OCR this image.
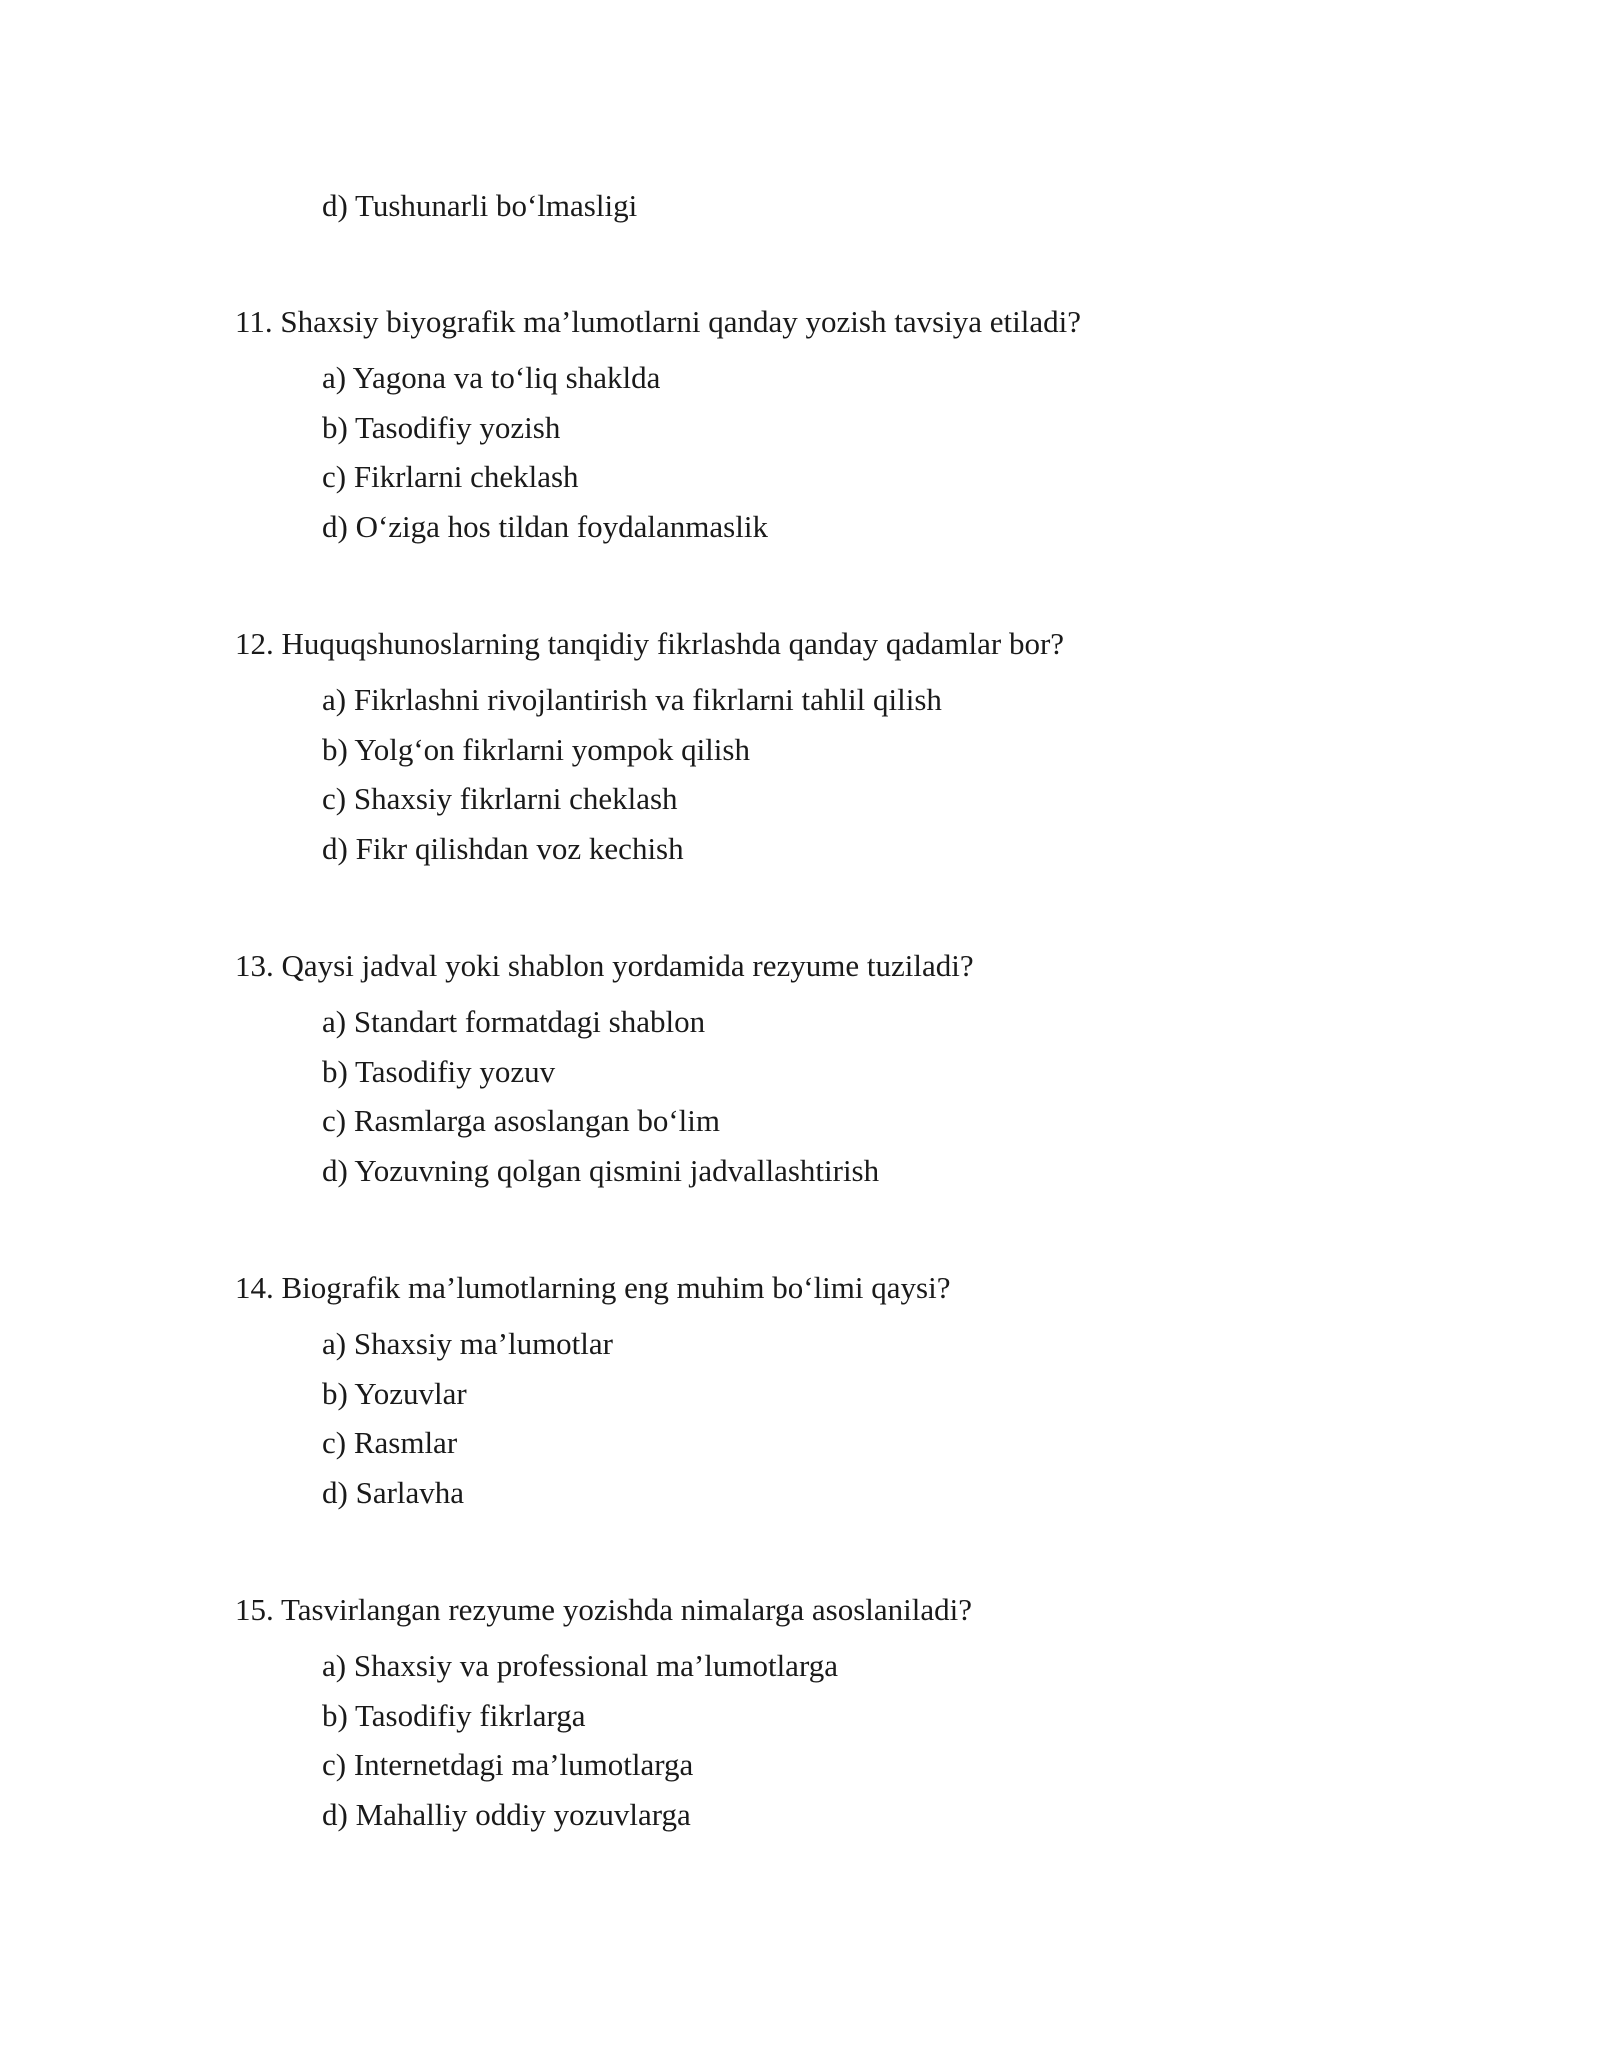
d) Tushunarli bo‘lmasligi

11. Shaxsiy biyografik ma’lumotlarni qanday yozish tavsiya etiladi?

a) Yagona va to‘liq shaklda
b) Tasodifiy yozish
c) Fikrlarni cheklash
d) O‘ziga hos tildan foydalanmaslik

12. Huquqshunoslarning tanqidiy fikrlashda qanday qadamlar bor?

a) Fikrlashni rivojlantirish va fikrlarni tahlil qilish
b) Yolg‘on fikrlarni yompok qilish
c) Shaxsiy fikrlarni cheklash
d) Fikr qilishdan voz kechish

13. Qaysi jadval yoki shablon yordamida rezyume tuziladi?

a) Standart formatdagi shablon
b) Tasodifiy yozuv
c) Rasmlarga asoslangan bo‘lim
d) Yozuvning qolgan qismini jadvallashtirish

14. Biografik ma’lumotlarning eng muhim bo‘limi qaysi?

a) Shaxsiy ma’lumotlar
b) Yozuvlar
c) Rasmlar
d) Sarlavha

15. Tasvirlangan rezyume yozishda nimalarga asoslaniladi?

a) Shaxsiy va professional ma’lumotlarga
b) Tasodifiy fikrlarga
c) Internetdagi ma’lumotlarga
d) Mahalliy oddiy yozuvlarga
